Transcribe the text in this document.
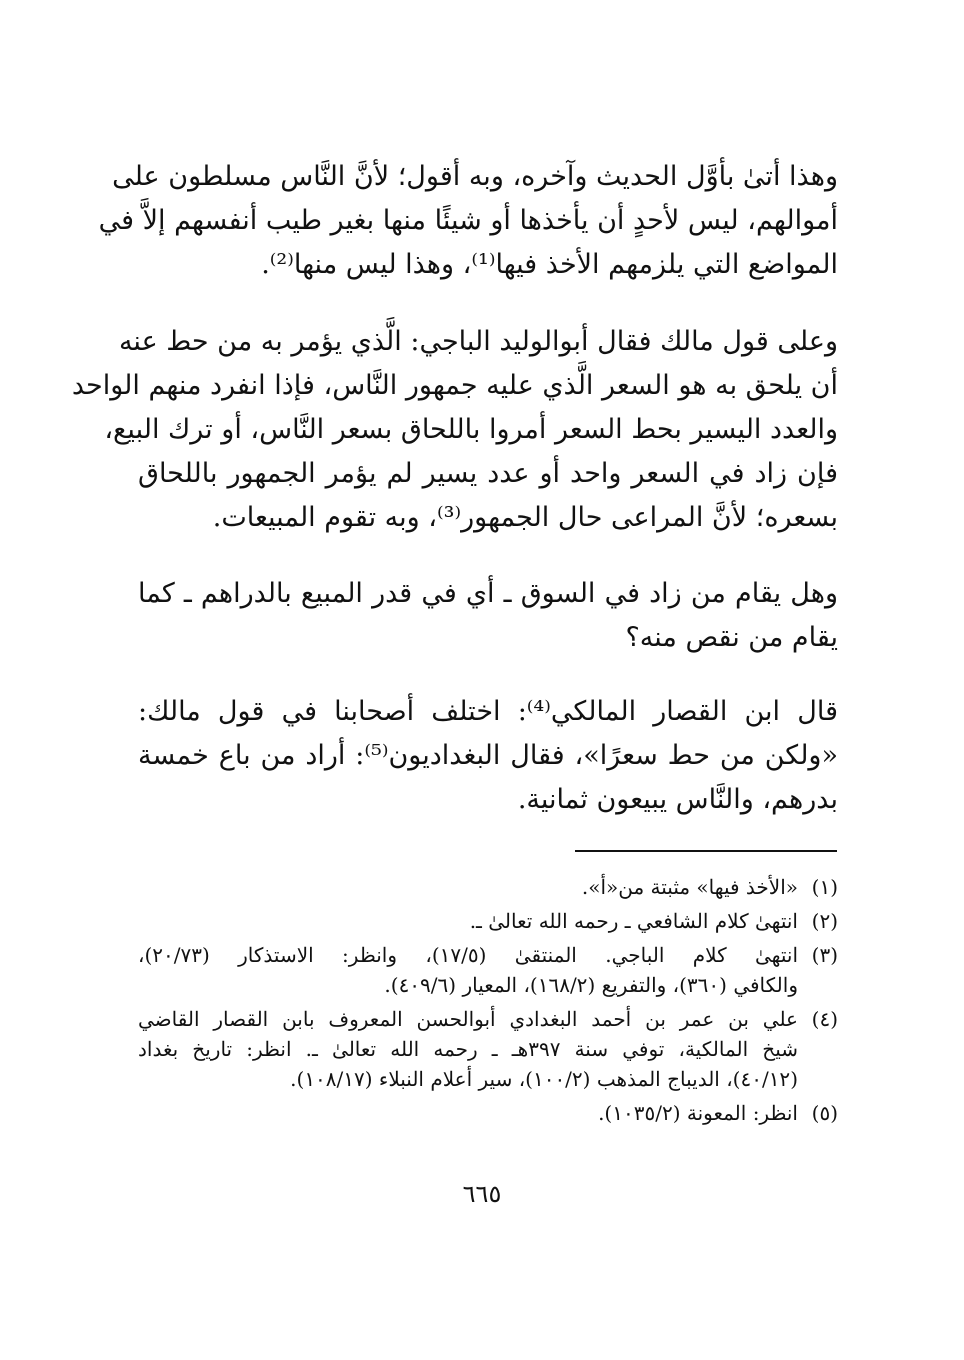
وهذا أتىٰ بأوَّل الحديث وآخره، وبه أقول؛ لأنَّ النَّاس مسلطون على
أموالهم، ليس لأحدٍ أن يأخذها أو شيئًا منها بغير طيب أنفسهم إلاَّ في
المواضع التي يلزمهم الأخذ فيها⁽¹⁾، وهذا ليس منها⁽²⁾.
وعلى قول مالك فقال أبوالوليد الباجي: الَّذي يؤمر به من حط عنه
أن يلحق به هو السعر الَّذي عليه جمهور النَّاس، فإذا انفرد منهم الواحد
والعدد اليسير بحط السعر أمروا باللحاق بسعر النَّاس، أو ترك البيع،
فإن زاد في السعر واحد أو عدد يسير لم يؤمر الجمهور باللحاق
بسعره؛ لأنَّ المراعى حال الجمهور⁽³⁾، وبه تقوم المبيعات.
وهل يقام من زاد في السوق ـ أي في قدر المبيع بالدراهم ـ كما
يقام من نقص منه؟
قال ابن القصار المالكي⁽⁴⁾: اختلف أصحابنا في قول مالك:
«ولكن من حط سعرًا»، فقال البغداديون⁽⁵⁾: أراد من باع خمسة
بدرهم، والنَّاس يبيعون ثمانية.
(١)
«الأخذ فيها» مثبتة من«أ».
(٢)
انتهىٰ كلام الشافعي ـ رحمه الله تعالىٰ ـ.
(٣)
انتهىٰ كلام الباجي. المنتقىٰ (١٧/٥)، وانظر: الاستذكار (٢٠/٧٣)،
والكافي (٣٦٠)، والتفريع (١٦٨/٢)، المعيار (٤٠٩/٦).
(٤)
علي بن عمر بن أحمد البغدادي أبوالحسن المعروف بابن القصار القاضي
شيخ المالكية، توفي سنة ٣٩٧هـ ـ رحمه الله تعالىٰ ـ. انظر: تاريخ بغداد
(٤٠/١٢)، الديباج المذهب (١٠٠/٢)، سير أعلام النبلاء (١٠٨/١٧).
(٥)
انظر: المعونة (١٠٣٥/٢).
٦٦٥
